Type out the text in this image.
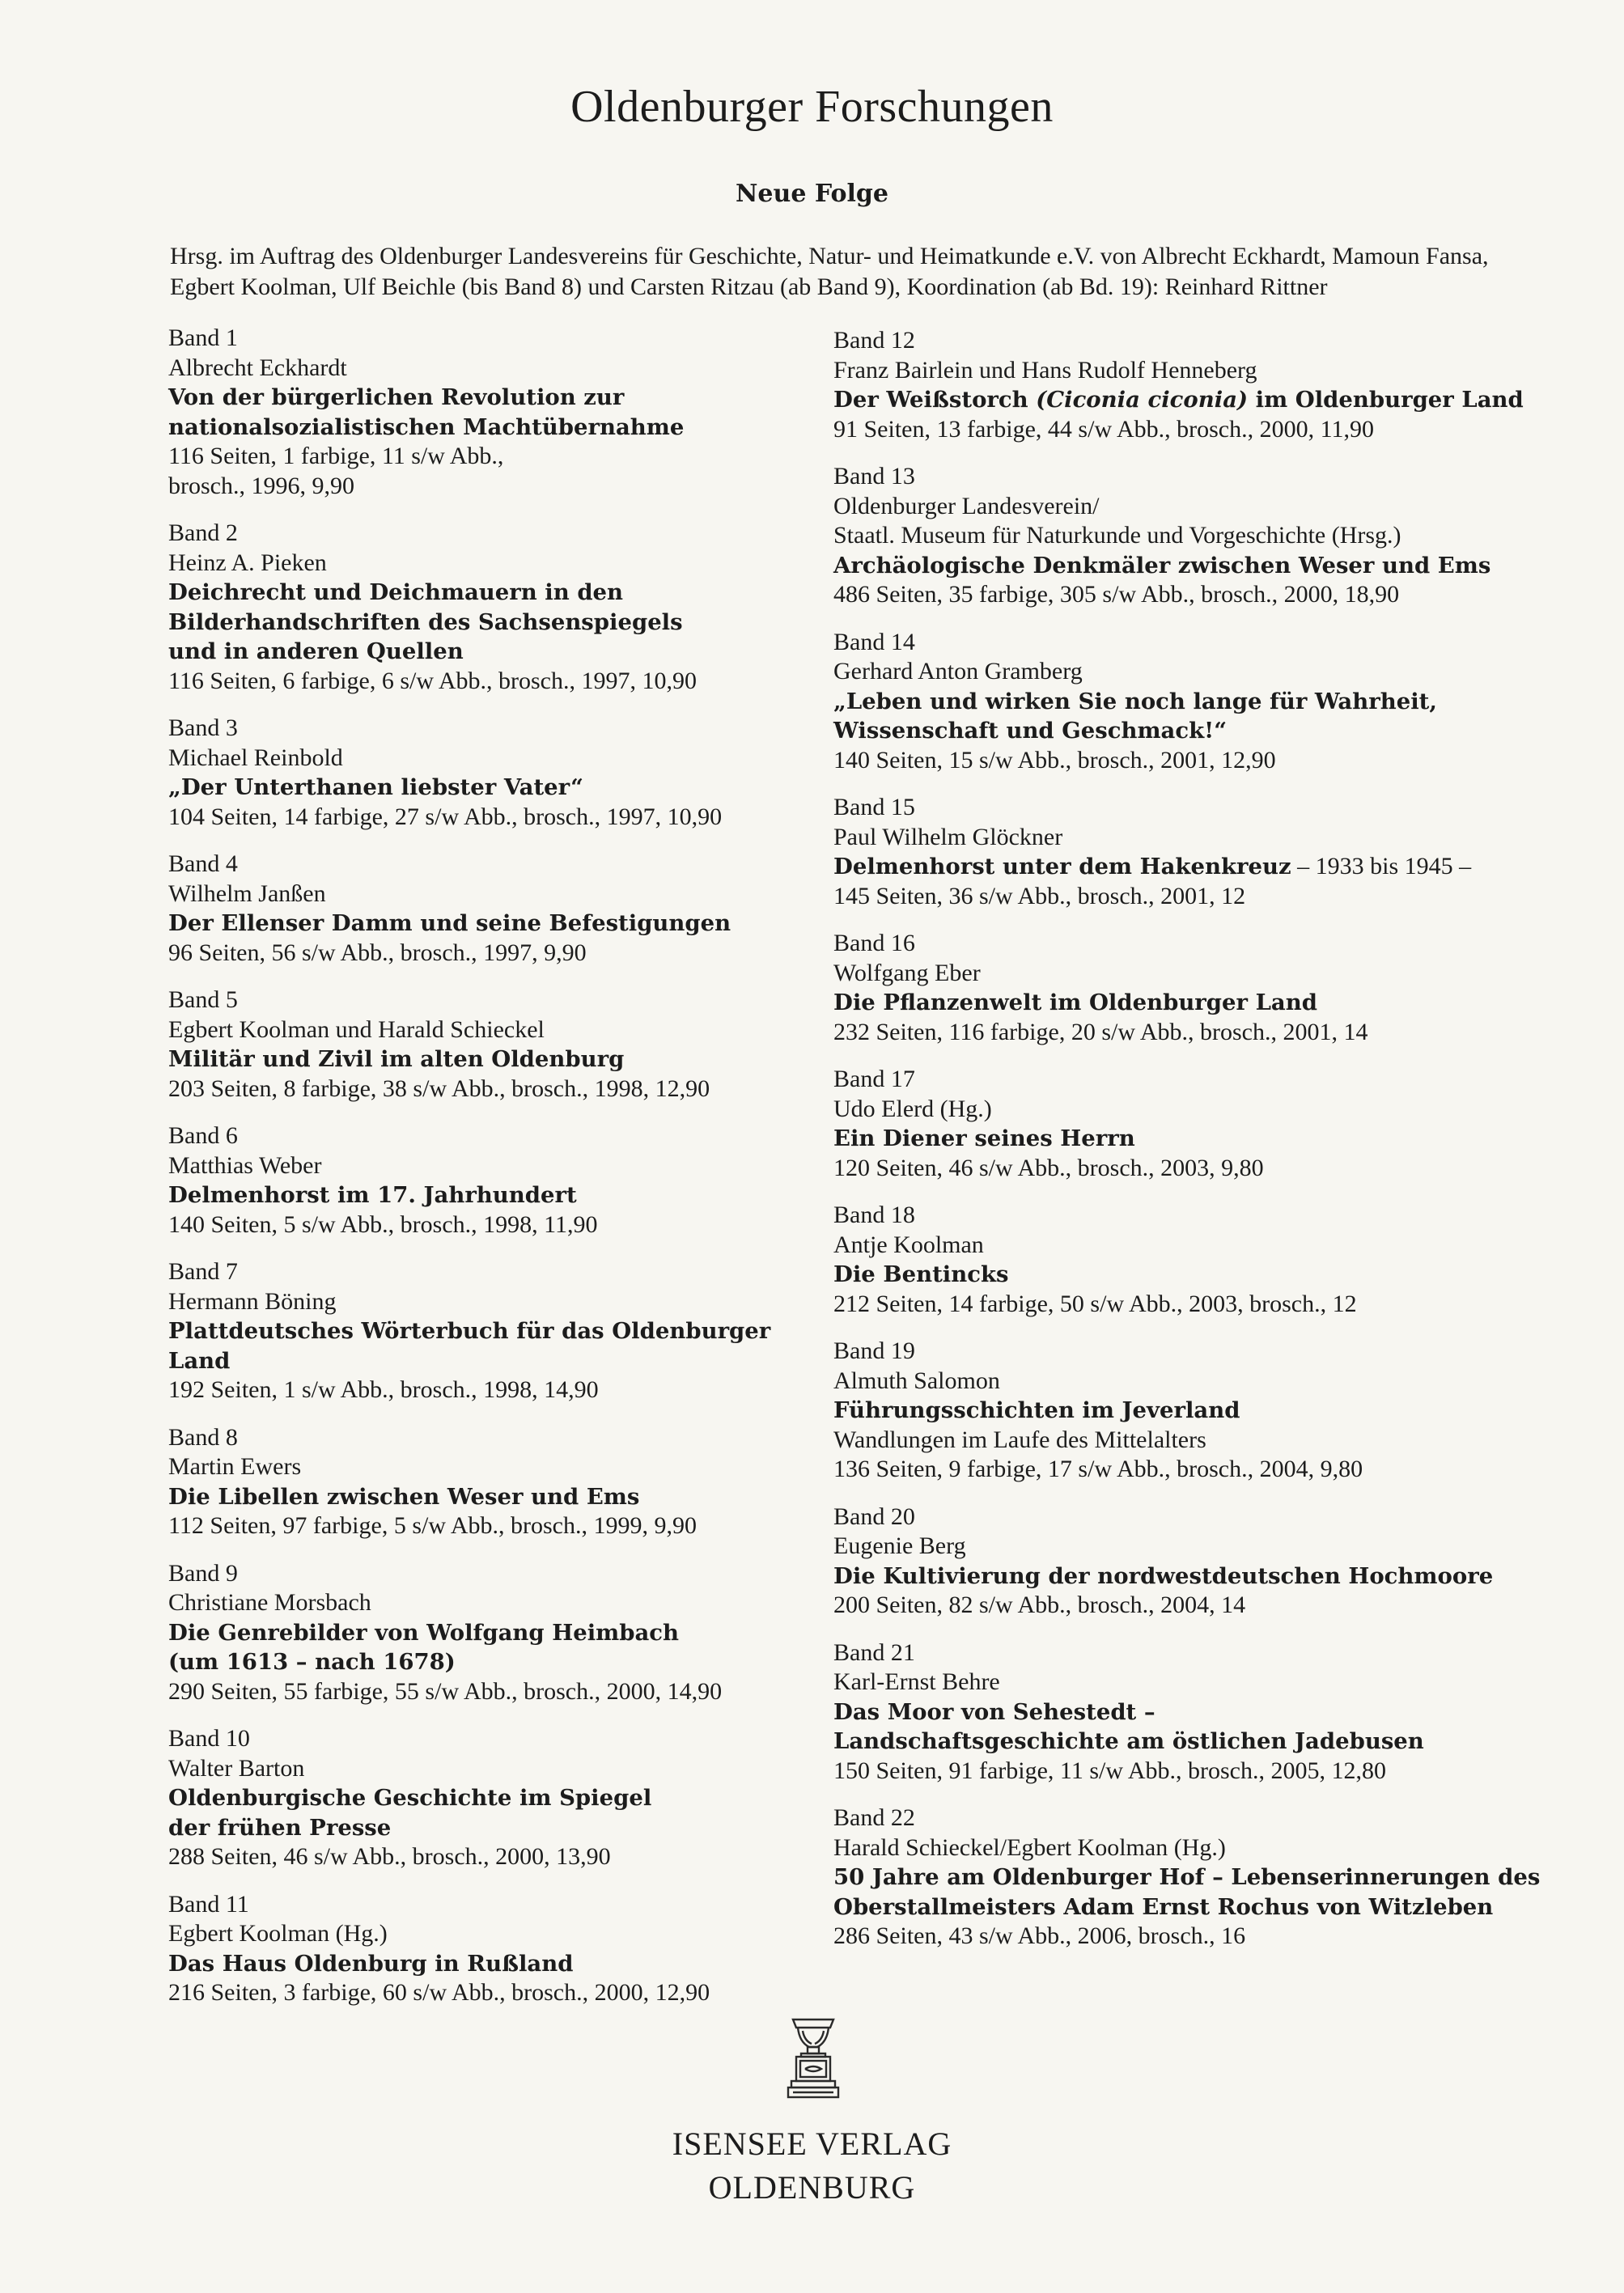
Oldenburger Forschungen
Neue Folge
Hrsg. im Auftrag des Oldenburger Landesvereins für Geschichte, Natur- und Heimatkunde e.V. von Albrecht Eckhardt, Mamoun Fansa, Egbert Koolman, Ulf Beichle (bis Band 8) und Carsten Ritzau (ab Band 9), Koordination (ab Bd. 19): Reinhard Rittner
Band 1
Albrecht Eckhardt
Von der bürgerlichen Revolution zur
nationalsozialistischen Machtübernahme
116 Seiten, 1 farbige, 11 s/w Abb.,
brosch., 1996, 9,90
Band 2
Heinz A. Pieken
Deichrecht und Deichmauern in den
Bilderhandschriften des Sachsenspiegels
und in anderen Quellen
116 Seiten, 6 farbige, 6 s/w Abb., brosch., 1997, 10,90
Band 3
Michael Reinbold
„Der Unterthanen liebster Vater“
104 Seiten, 14 farbige, 27 s/w Abb., brosch., 1997, 10,90
Band 4
Wilhelm Janßen
Der Ellenser Damm und seine Befestigungen
96 Seiten, 56 s/w Abb., brosch., 1997, 9,90
Band 5
Egbert Koolman und Harald Schieckel
Militär und Zivil im alten Oldenburg
203 Seiten, 8 farbige, 38 s/w Abb., brosch., 1998, 12,90
Band 6
Matthias Weber
Delmenhorst im 17. Jahrhundert
140 Seiten, 5 s/w Abb., brosch., 1998, 11,90
Band 7
Hermann Böning
Plattdeutsches Wörterbuch für das Oldenburger Land
192 Seiten, 1 s/w Abb., brosch., 1998, 14,90
Band 8
Martin Ewers
Die Libellen zwischen Weser und Ems
112 Seiten, 97 farbige, 5 s/w Abb., brosch., 1999, 9,90
Band 9
Christiane Morsbach
Die Genrebilder von Wolfgang Heimbach
(um 1613 – nach 1678)
290 Seiten, 55 farbige, 55 s/w Abb., brosch., 2000, 14,90
Band 10
Walter Barton
Oldenburgische Geschichte im Spiegel
der frühen Presse
288 Seiten, 46 s/w Abb., brosch., 2000, 13,90
Band 11
Egbert Koolman (Hg.)
Das Haus Oldenburg in Rußland
216 Seiten, 3 farbige, 60 s/w Abb., brosch., 2000, 12,90
Band 12
Franz Bairlein und Hans Rudolf Henneberg
Der Weißstorch (Ciconia ciconia) im Oldenburger Land
91 Seiten, 13 farbige, 44 s/w Abb., brosch., 2000, 11,90
Band 13
Oldenburger Landesverein/
Staatl. Museum für Naturkunde und Vorgeschichte (Hrsg.)
Archäologische Denkmäler zwischen Weser und Ems
486 Seiten, 35 farbige, 305 s/w Abb., brosch., 2000, 18,90
Band 14
Gerhard Anton Gramberg
„Leben und wirken Sie noch lange für Wahrheit,
Wissenschaft und Geschmack!“
140 Seiten, 15 s/w Abb., brosch., 2001, 12,90
Band 15
Paul Wilhelm Glöckner
Delmenhorst unter dem Hakenkreuz – 1933 bis 1945 –
145 Seiten, 36 s/w Abb., brosch., 2001, 12
Band 16
Wolfgang Eber
Die Pflanzenwelt im Oldenburger Land
232 Seiten, 116 farbige, 20 s/w Abb., brosch., 2001, 14
Band 17
Udo Elerd (Hg.)
Ein Diener seines Herrn
120 Seiten, 46 s/w Abb., brosch., 2003, 9,80
Band 18
Antje Koolman
Die Bentincks
212 Seiten, 14 farbige, 50 s/w Abb., 2003, brosch., 12
Band 19
Almuth Salomon
Führungsschichten im Jeverland
Wandlungen im Laufe des Mittelalters
136 Seiten, 9 farbige, 17 s/w Abb., brosch., 2004, 9,80
Band 20
Eugenie Berg
Die Kultivierung der nordwestdeutschen Hochmoore
200 Seiten, 82 s/w Abb., brosch., 2004, 14
Band 21
Karl-Ernst Behre
Das Moor von Sehestedt –
Landschaftsgeschichte am östlichen Jadebusen
150 Seiten, 91 farbige, 11 s/w Abb., brosch., 2005, 12,80
Band 22
Harald Schieckel/Egbert Koolman (Hg.)
50 Jahre am Oldenburger Hof – Lebenserinnerungen des
Oberstallmeisters Adam Ernst Rochus von Witzleben
286 Seiten, 43 s/w Abb., 2006, brosch., 16
ISENSEE VERLAG
OLDENBURG
